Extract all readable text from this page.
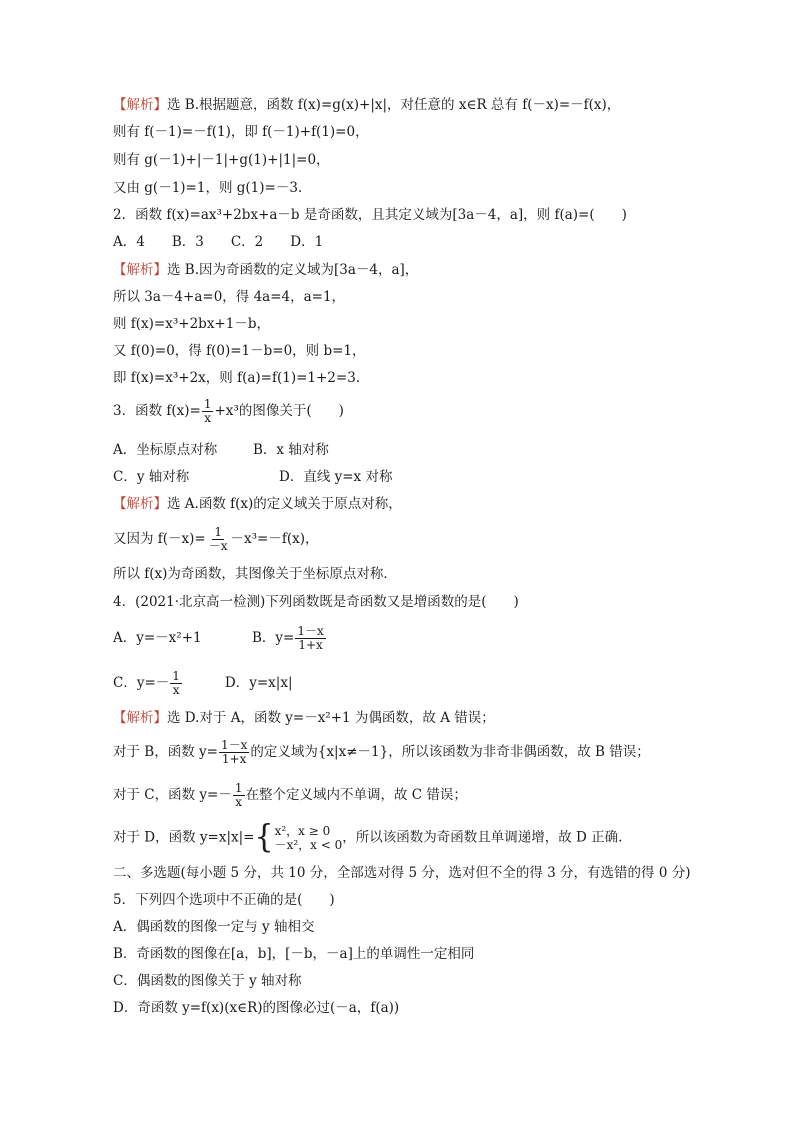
【解析】选 B.根据题意，函数 f(x)=g(x)+|x|，对任意的 x∈R 总有 f(－x)=－f(x)，
则有 f(－1)=－f(1)，即 f(－1)+f(1)=0，
则有 g(－1)+|－1|+g(1)+|1|=0，
又由 g(－1)=1，则 g(1)=－3.
2．函数 f(x)=ax³+2bx+a－b 是奇函数，且其定义域为[3a－4，a]，则 f(a)=(　　)
A．4　　B．3　　C．2　　D．1
【解析】选 B.因为奇函数的定义域为[3a－4，a]，
所以 3a－4+a=0，得 4a=4，a=1，
则 f(x)=x³+2bx+1－b，
又 f(0)=0，得 f(0)=1－b=0，则 b=1，
即 f(x)=x³+2x，则 f(a)=f(1)=1+2=3.
3．函数 $f(x)= \frac{1}{x} +x^3$的图像关于(　　)
A．坐标原点对称	B．x 轴对称
C．y 轴对称	D．直线 y=x 对称
【解析】选 A.函数 f(x)的定义域关于原点对称，
又因为 $f(-x)= \frac{1}{-x} -x^3=-f(x)$，
所以 f(x)为奇函数，其图像关于坐标原点对称．
4．(2021·北京高一检测)下列函数既是奇函数又是增函数的是(　　)
A．y=－x²+1	B．$y= \frac{1-x}{1+x}$
C．$y=- \frac{1}{x}$	D．y=x|x|
【解析】选 D.对于 A，函数 y=－x²+1 为偶函数，故 A 错误；
对于 B，函数 $y= \frac{1-x}{1+x}$ 的定义域为{x|x≠－1}，所以该函数为非奇非偶函数，故 B 错误；
对于 C，函数 $y=- \frac{1}{x}$ 在整个定义域内不单调，故 C 错误；
对于 D，函数 y=x|x|= { x²，x ≥ 0
－x²，x < 0 ，所以该函数为奇函数且单调递增，故 D 正确.
二、多选题(每小题 5 分，共 10 分，全部选对得 5 分，选对但不全的得 3 分，有选错的得 0 分)
5．下列四个选项中不正确的是(　　)
A．偶函数的图像一定与 y 轴相交
B．奇函数的图像在[a，b]，[－b，－a]上的单调性一定相同
C．偶函数的图像关于 y 轴对称
D．奇函数 y=f(x)(x∈R)的图像必过(－a，f(a))
